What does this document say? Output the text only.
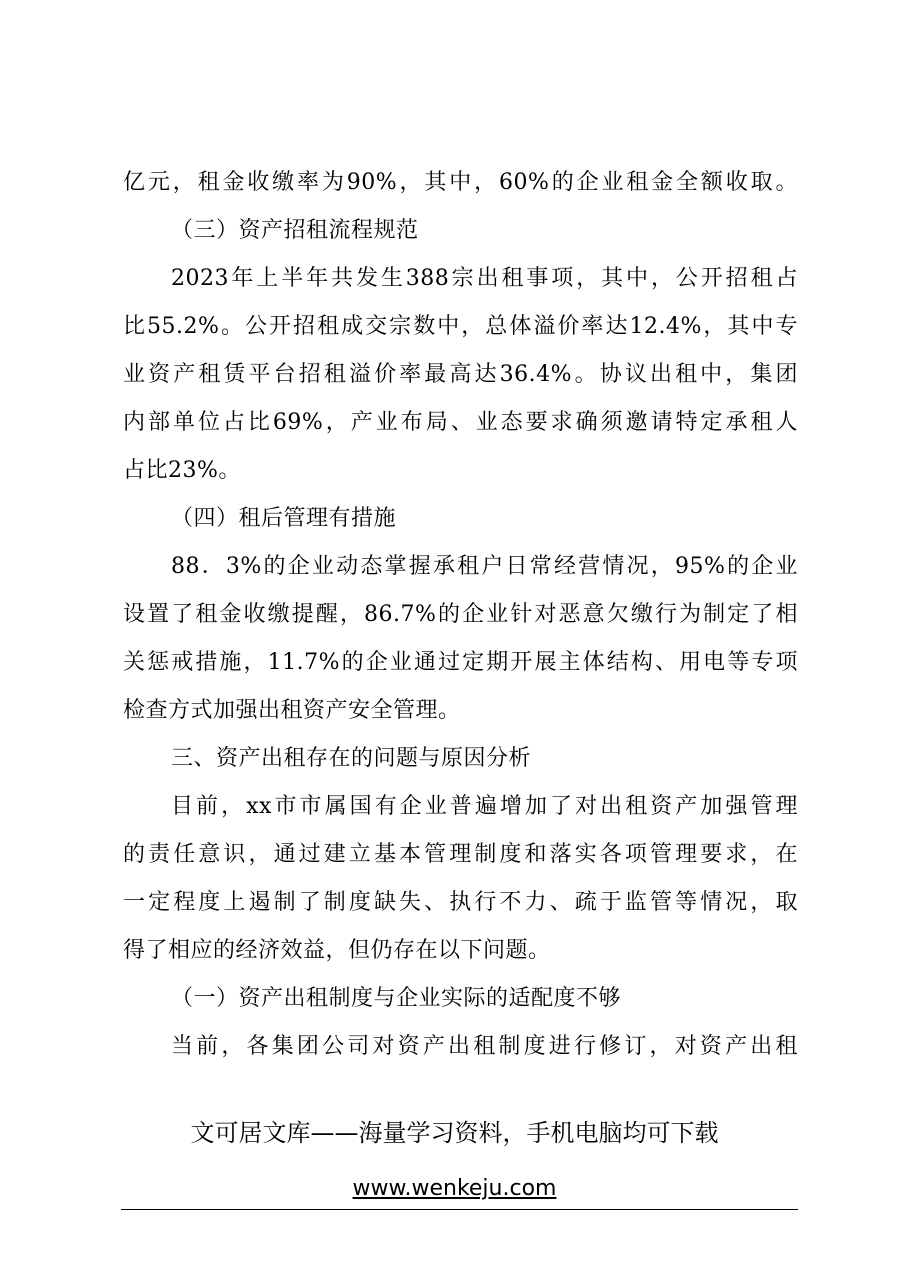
亿元，租金收缴率为90%，其中，60%的企业租金全额收取。
（三）资产招租流程规范
2023年上半年共发生388宗出租事项，其中，公开招租占
比55.2%。公开招租成交宗数中，总体溢价率达12.4%，其中专
业资产租赁平台招租溢价率最高达36.4%。协议出租中，集团
内部单位占比69%，产业布局、业态要求确须邀请特定承租人
占比23%。
（四）租后管理有措施
88．3%的企业动态掌握承租户日常经营情况，95%的企业
设置了租金收缴提醒，86.7%的企业针对恶意欠缴行为制定了相
关惩戒措施，11.7%的企业通过定期开展主体结构、用电等专项
检查方式加强出租资产安全管理。
三、资产出租存在的问题与原因分析
目前，xx市市属国有企业普遍增加了对出租资产加强管理
的责任意识，通过建立基本管理制度和落实各项管理要求，在
一定程度上遏制了制度缺失、执行不力、疏于监管等情况，取
得了相应的经济效益，但仍存在以下问题。
（一）资产出租制度与企业实际的适配度不够
当前，各集团公司对资产出租制度进行修订，对资产出租
文可居文库——海量学习资料，手机电脑均可下载
www.wenkeju.com
